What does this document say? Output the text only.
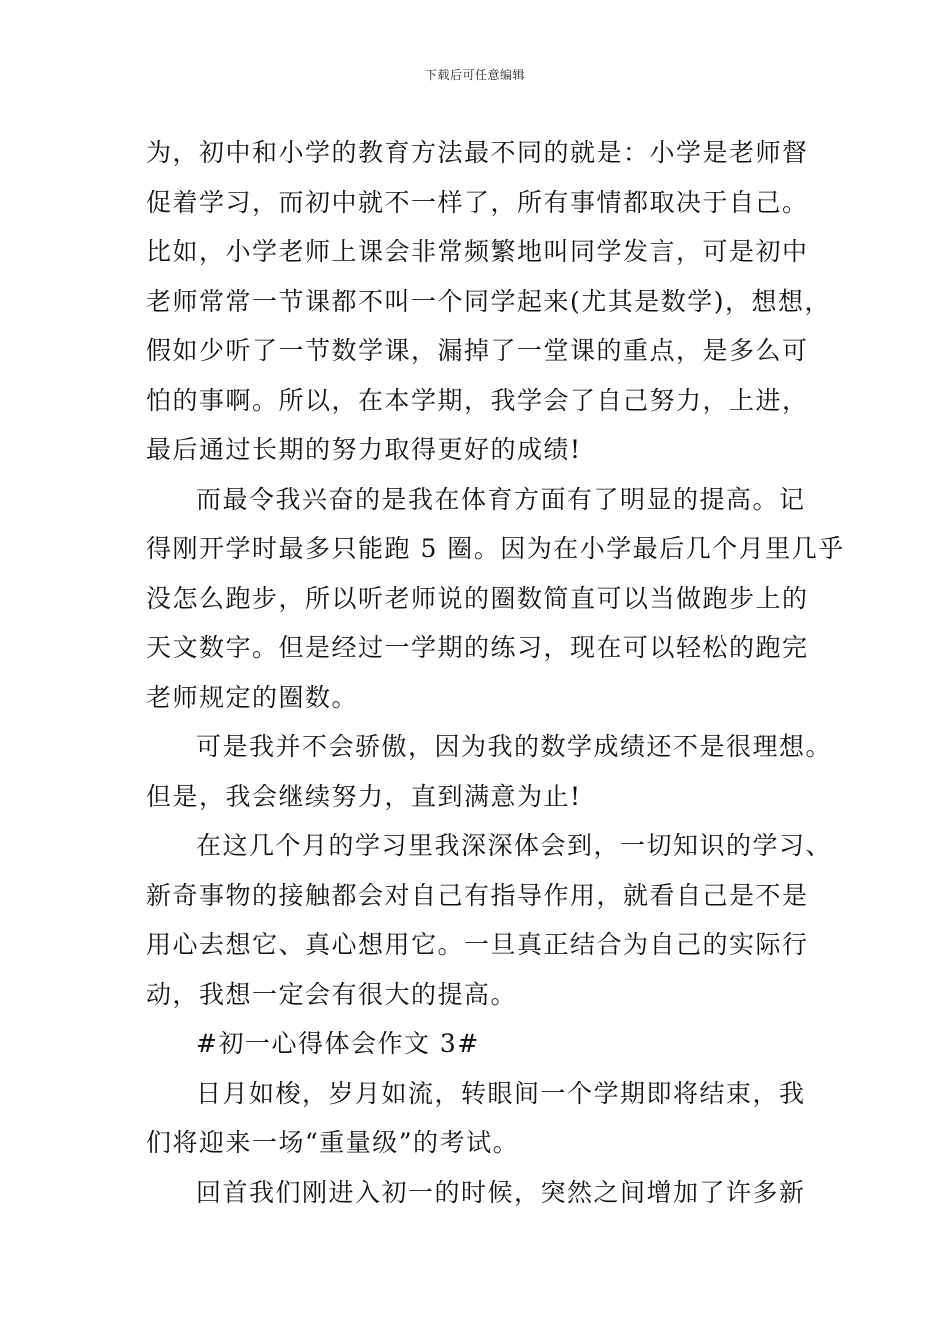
下载后可任意编辑
为，初中和小学的教育方法最不同的就是：小学是老师督
促着学习，而初中就不一样了，所有事情都取决于自己。
比如，小学老师上课会非常频繁地叫同学发言，可是初中
老师常常一节课都不叫一个同学起来(尤其是数学)，想想，
假如少听了一节数学课，漏掉了一堂课的重点，是多么可
怕的事啊。所以，在本学期，我学会了自己努力，上进，
最后通过长期的努力取得更好的成绩!
而最令我兴奋的是我在体育方面有了明显的提高。记
得刚开学时最多只能跑 5 圈。因为在小学最后几个月里几乎
没怎么跑步，所以听老师说的圈数简直可以当做跑步上的
天文数字。但是经过一学期的练习，现在可以轻松的跑完
老师规定的圈数。
可是我并不会骄傲，因为我的数学成绩还不是很理想。
但是，我会继续努力，直到满意为止!
在这几个月的学习里我深深体会到，一切知识的学习、
新奇事物的接触都会对自己有指导作用，就看自己是不是
用心去想它、真心想用它。一旦真正结合为自己的实际行
动，我想一定会有很大的提高。
#初一心得体会作文 3#
日月如梭，岁月如流，转眼间一个学期即将结束，我
们将迎来一场“重量级”的考试。
回首我们刚进入初一的时候，突然之间增加了许多新
